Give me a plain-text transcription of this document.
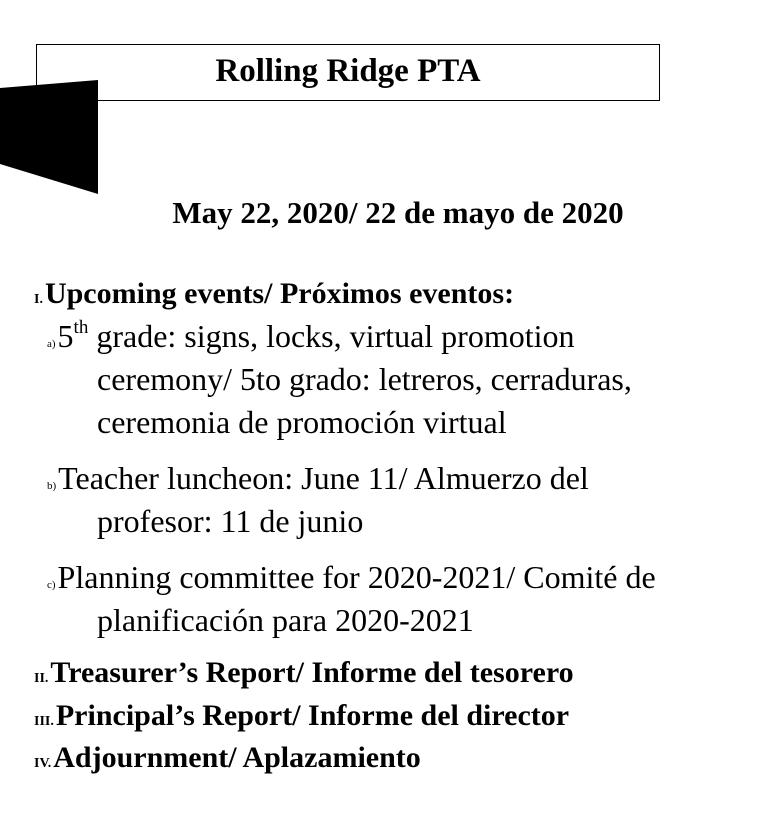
Rolling Ridge PTA
May 22, 2020/ 22 de mayo de 2020
I.Upcoming events/ Próximos eventos:
a)5th grade: signs, locks, virtual promotion
ceremony/ 5to grado: letreros, cerraduras,
ceremonia de promoción virtual
b)Teacher luncheon: June 11/ Almuerzo del
profesor: 11 de junio
c)Planning committee for 2020-2021/ Comité de
planificación para 2020-2021
II.Treasurer’s Report/ Informe del tesorero
III.Principal’s Report/ Informe del director
IV.Adjournment/ Aplazamiento
